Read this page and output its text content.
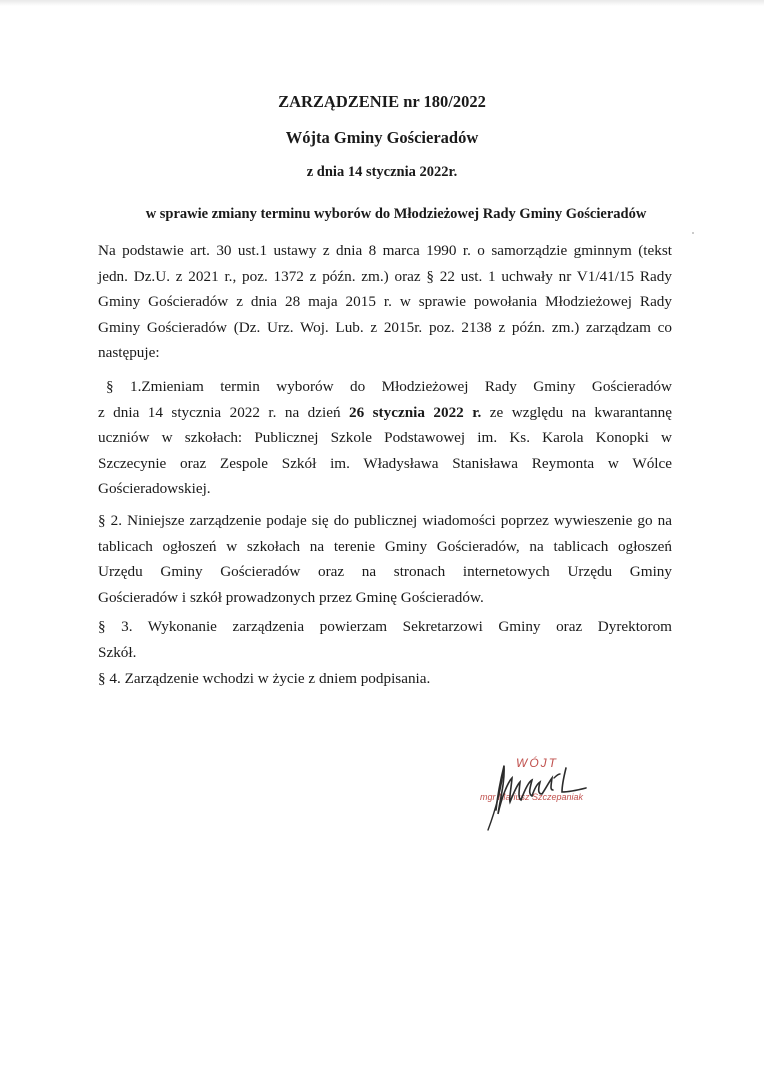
ZARZĄDZENIE nr 180/2022
Wójta Gminy Gościeradów
z dnia 14 stycznia 2022r.
w sprawie zmiany terminu wyborów do Młodzieżowej Rady Gminy Gościeradów
Na podstawie art. 30 ust.1 ustawy z dnia 8 marca 1990 r. o samorządzie gminnym (tekst
jedn. Dz.U. z 2021 r., poz. 1372 z późn. zm.) oraz § 22 ust. 1 uchwały nr V1/41/15 Rady
Gminy Gościeradów z dnia 28 maja 2015 r. w sprawie powołania Młodzieżowej Rady
Gminy Gościeradów (Dz. Urz. Woj. Lub. z 2015r. poz. 2138 z późn. zm.) zarządzam co
następuje:
§ 1.Zmieniam termin wyborów do Młodzieżowej Rady Gminy Gościeradów
z dnia 14 stycznia 2022 r. na dzień 26 stycznia 2022 r. ze względu na kwarantannę
uczniów w szkołach: Publicznej Szkole Podstawowej im. Ks. Karola Konopki w
Szczecynie oraz Zespole Szkół im. Władysława Stanisława Reymonta w Wólce
Gościeradowskiej.
§ 2. Niniejsze zarządzenie podaje się do publicznej wiadomości poprzez wywieszenie go na
tablicach ogłoszeń w szkołach na terenie Gminy Gościeradów, na tablicach ogłoszeń
Urzędu Gminy Gościeradów oraz na stronach internetowych Urzędu Gminy
Gościeradów i szkół prowadzonych przez Gminę Gościeradów.
§ 3. Wykonanie zarządzenia powierzam Sekretarzowi Gminy oraz Dyrektorom
Szkół.
§ 4. Zarządzenie wchodzi w życie z dniem podpisania.
WÓJT
mgr Mariusz Szczepaniak
